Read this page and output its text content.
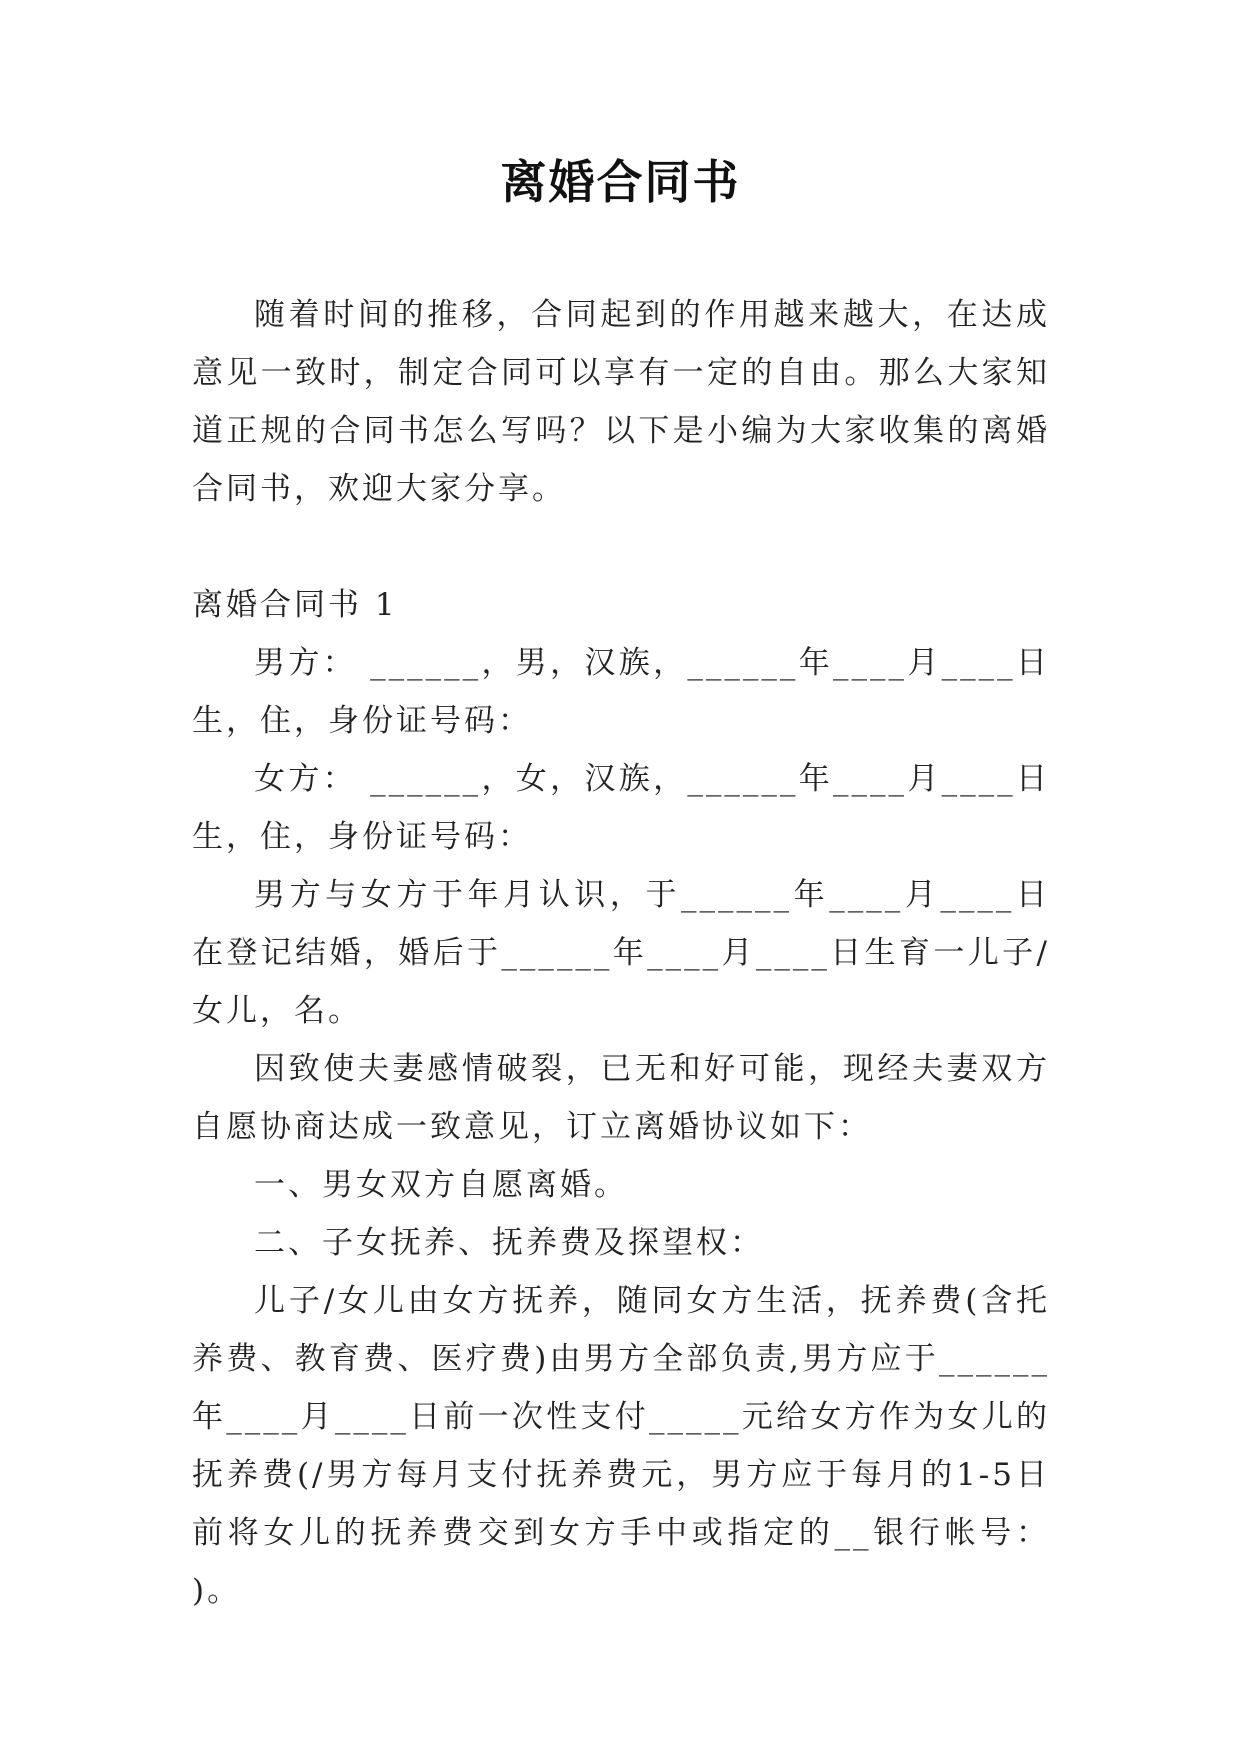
离婚合同书

随着时间的推移，合同起到的作用越来越大，在达成意见一致时，制定合同可以享有一定的自由。那么大家知道正规的合同书怎么写吗？以下是小编为大家收集的离婚合同书，欢迎大家分享。

离婚合同书 1

男方： ______，男，汉族，______年____月____日生，住，身份证号码：

女方： ______，女，汉族，______年____月____日生，住，身份证号码：

男方与女方于年月认识，于______年____月____日在登记结婚，婚后于______年____月____日生育一儿子/女儿，名。

因致使夫妻感情破裂，已无和好可能，现经夫妻双方自愿协商达成一致意见，订立离婚协议如下：

一、男女双方自愿离婚。

二、子女抚养、抚养费及探望权：

儿子/女儿由女方抚养，随同女方生活，抚养费(含托养费、教育费、医疗费)由男方全部负责,男方应于______年____月____日前一次性支付_____元给女方作为女儿的抚养费(/男方每月支付抚养费元，男方应于每月的1-5日前将女儿的抚养费交到女方手中或指定的__银行帐号： )。
